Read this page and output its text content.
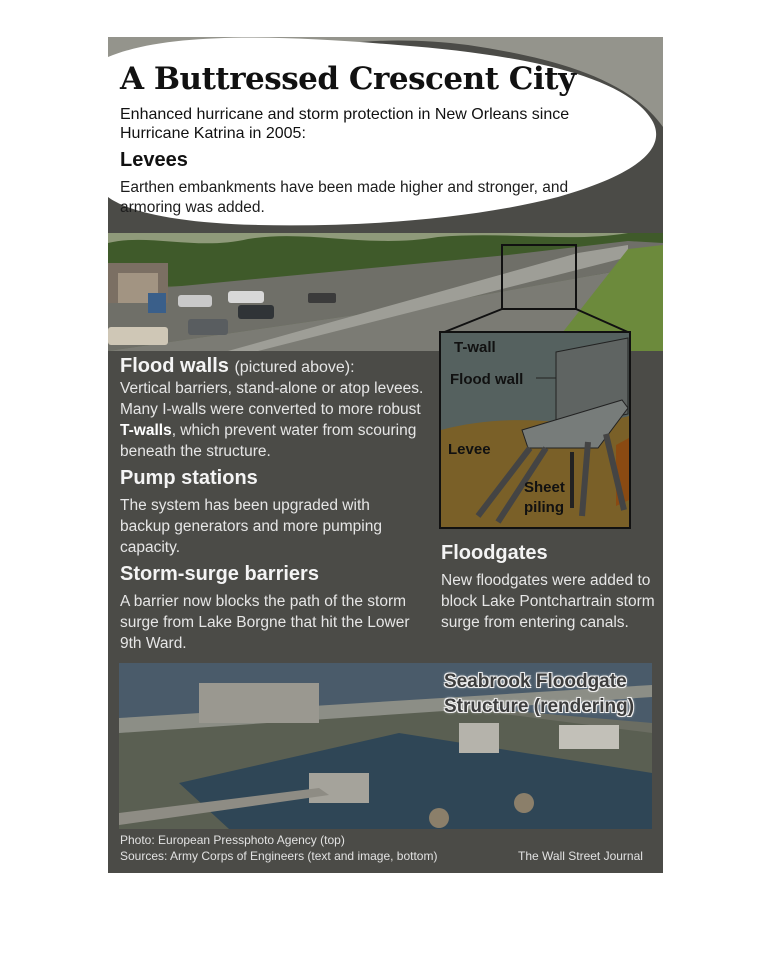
A Buttressed Crescent City

Enhanced hurricane and storm protection in New Orleans since Hurricane Katrina in 2005:

Levees

Earthen embankments have been made higher and stronger, and armoring was added.

Flood walls (pictured above):

Vertical barriers, stand-alone or atop levees. Many I-walls were converted to more robust T-walls, which prevent water from scouring beneath the structure.

Pump stations

The system has been upgraded with backup generators and more pumping capacity.

Storm-surge barriers

A barrier now blocks the path of the storm surge from Lake Borgne that hit the Lower 9th Ward.

Floodgates

New floodgates were added to block Lake Pontchartrain storm surge from entering canals.

T-wall
Flood wall
Levee
Sheet
piling

Seabrook Floodgate
Structure (rendering)

Photo: European Pressphoto Agency (top)

Sources: Army Corps of Engineers (text and image, bottom)	The Wall Street Journal
